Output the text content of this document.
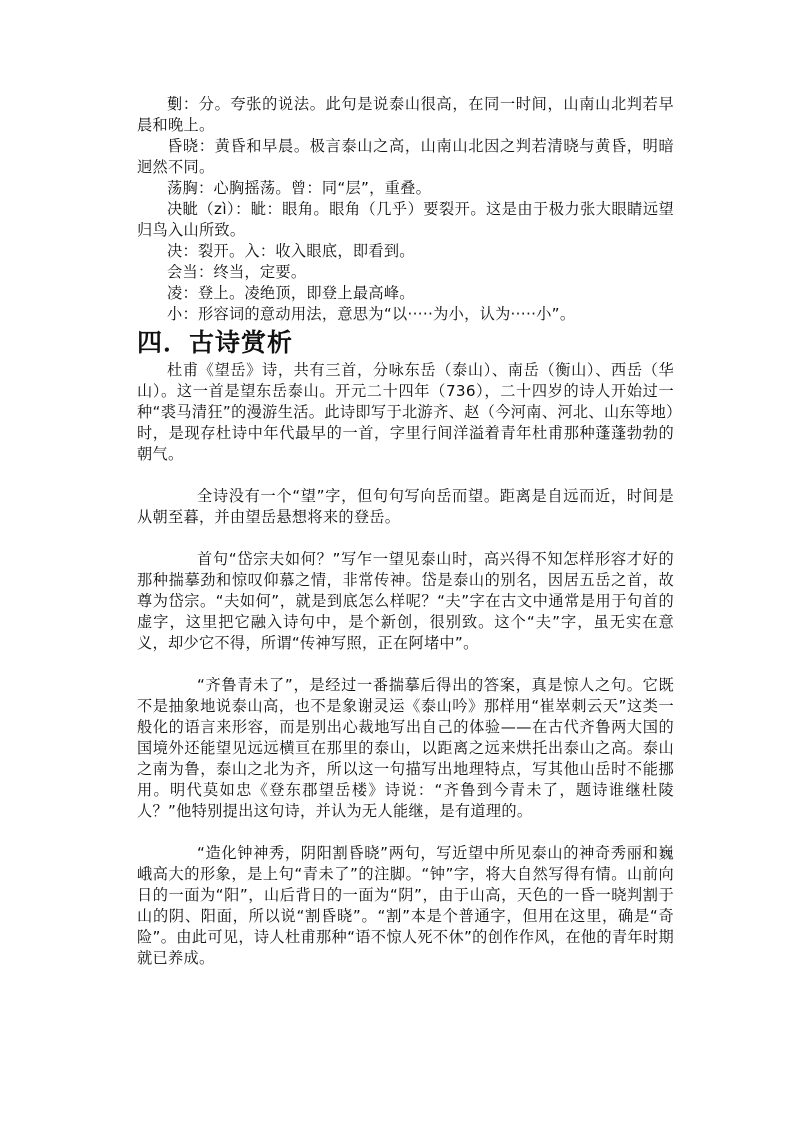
劐：分。夸张的说法。此句是说泰山很高，在同一时间，山南山北判若早晨和晚上。

昏晓：黄昏和早晨。极言泰山之高，山南山北因之判若清晓与黄昏，明暗迥然不同。

荡胸：心胸摇荡。曾：同“层”，重叠。

决眦（zì）：眦：眼角。眼角（几乎）要裂开。这是由于极力张大眼睛远望归鸟入山所致。

决：裂开。入：收入眼底，即看到。

会当：终当，定要。

凌：登上。凌绝顶，即登上最高峰。

小：形容词的意动用法，意思为“以·····为小，认为·····小”。

四．古诗赏析

杜甫《望岳》诗，共有三首，分咏东岳（泰山）、南岳（衡山）、西岳（华山）。这一首是望东岳泰山。开元二十四年（736），二十四岁的诗人开始过一种“裘马清狂”的漫游生活。此诗即写于北游齐、赵（今河南、河北、山东等地）时，是现存杜诗中年代最早的一首，字里行间洋溢着青年杜甫那种蓬蓬勃勃的朝气。

全诗没有一个“望”字，但句句写向岳而望。距离是自远而近，时间是从朝至暮，并由望岳悬想将来的登岳。

首句“岱宗夫如何？”写乍一望见泰山时，高兴得不知怎样形容才好的那种揣摹劲和惊叹仰慕之情，非常传神。岱是泰山的别名，因居五岳之首，故尊为岱宗。“夫如何”，就是到底怎么样呢？“夫”字在古文中通常是用于句首的虚字，这里把它融入诗句中，是个新创，很别致。这个“夫”字，虽无实在意义，却少它不得，所谓“传神写照，正在阿堵中”。

“齐鲁青未了”，是经过一番揣摹后得出的答案，真是惊人之句。它既不是抽象地说泰山高，也不是象谢灵运《泰山吟》那样用“崔崒刺云天”这类一般化的语言来形容，而是别出心裁地写出自己的体验——在古代齐鲁两大国的国境外还能望见远远横亘在那里的泰山，以距离之远来烘托出泰山之高。泰山之南为鲁，泰山之北为齐，所以这一句描写出地理特点，写其他山岳时不能挪用。明代莫如忠《登东郡望岳楼》诗说：“齐鲁到今青未了，题诗谁继杜陵人？”他特别提出这句诗，并认为无人能继，是有道理的。

“造化钟神秀，阴阳割昏晓”两句，写近望中所见泰山的神奇秀丽和巍峨高大的形象，是上句“青未了”的注脚。“钟”字，将大自然写得有情。山前向日的一面为“阳”，山后背日的一面为“阴”，由于山高，天色的一昏一晓判割于山的阴、阳面，所以说“割昏晓”。“割”本是个普通字，但用在这里，确是“奇险”。由此可见，诗人杜甫那种“语不惊人死不休”的创作作风，在他的青年时期就已养成。
